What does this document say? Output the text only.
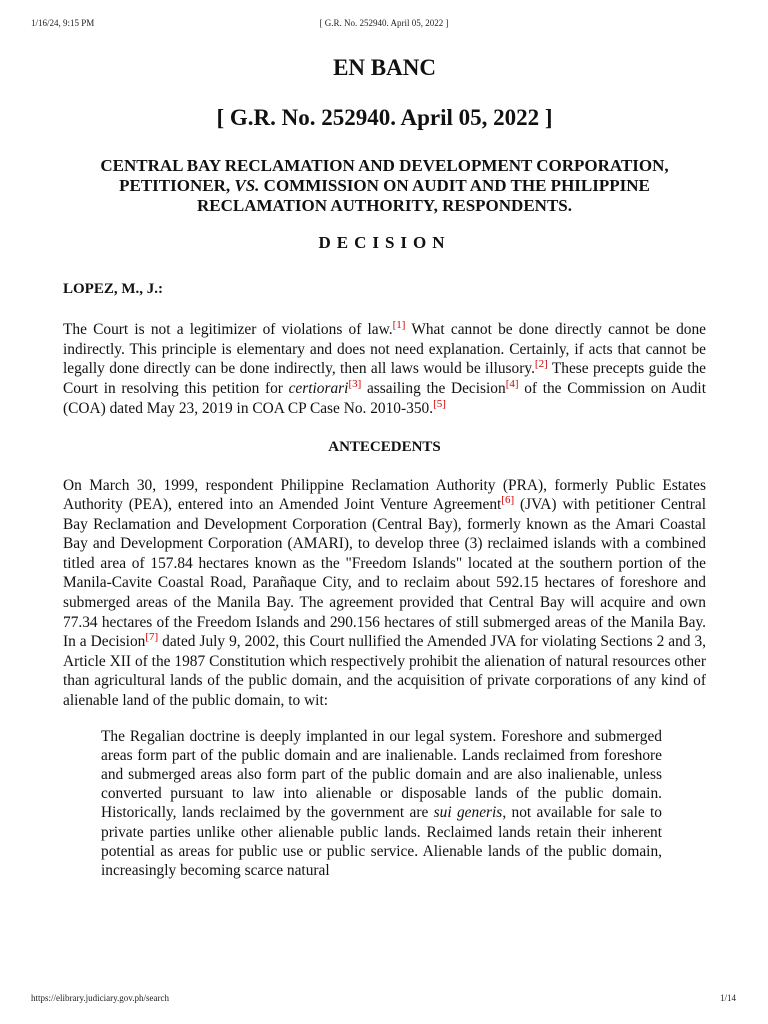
1/16/24, 9:15 PM	[ G.R. No. 252940. April 05, 2022 ]
EN BANC
[ G.R. No. 252940. April 05, 2022 ]

CENTRAL BAY RECLAMATION AND DEVELOPMENT CORPORATION, PETITIONER, VS. COMMISSION ON AUDIT AND THE PHILIPPINE RECLAMATION AUTHORITY, RESPONDENTS.

DECISION

LOPEZ, M., J.:

The Court is not a legitimizer of violations of law.[1] What cannot be done directly cannot be done indirectly. This principle is elementary and does not need explanation. Certainly, if acts that cannot be legally done directly can be done indirectly, then all laws would be illusory.[2] These precepts guide the Court in resolving this petition for certiorari[3] assailing the Decision[4] of the Commission on Audit (COA) dated May 23, 2019 in COA CP Case No. 2010-350.[5]

ANTECEDENTS

On March 30, 1999, respondent Philippine Reclamation Authority (PRA), formerly Public Estates Authority (PEA), entered into an Amended Joint Venture Agreement[6] (JVA) with petitioner Central Bay Reclamation and Development Corporation (Central Bay), formerly known as the Amari Coastal Bay and Development Corporation (AMARI), to develop three (3) reclaimed islands with a combined titled area of 157.84 hectares known as the "Freedom Islands" located at the southern portion of the Manila-Cavite Coastal Road, Parañaque City, and to reclaim about 592.15 hectares of foreshore and submerged areas of the Manila Bay. The agreement provided that Central Bay will acquire and own 77.34 hectares of the Freedom Islands and 290.156 hectares of still submerged areas of the Manila Bay. In a Decision[7] dated July 9, 2002, this Court nullified the Amended JVA for violating Sections 2 and 3, Article XII of the 1987 Constitution which respectively prohibit the alienation of natural resources other than agricultural lands of the public domain, and the acquisition of private corporations of any kind of alienable land of the public domain, to wit:

The Regalian doctrine is deeply implanted in our legal system. Foreshore and submerged areas form part of the public domain and are inalienable. Lands reclaimed from foreshore and submerged areas also form part of the public domain and are also inalienable, unless converted pursuant to law into alienable or disposable lands of the public domain. Historically, lands reclaimed by the government are sui generis, not available for sale to private parties unlike other alienable public lands. Reclaimed lands retain their inherent potential as areas for public use or public service. Alienable lands of the public domain, increasingly becoming scarce natural

https://elibrary.judiciary.gov.ph/search	1/14
